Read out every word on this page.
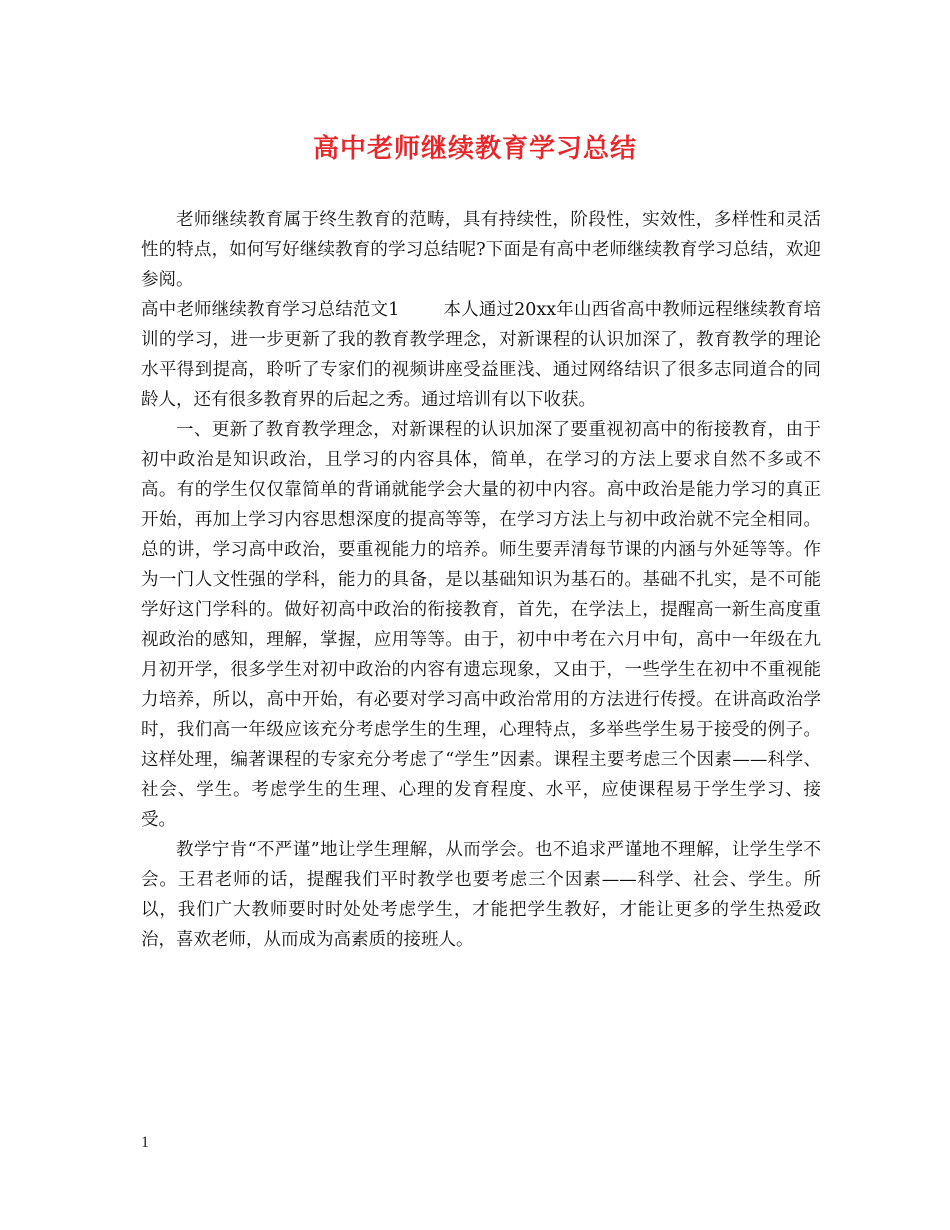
高中老师继续教育学习总结

老师继续教育属于终生教育的范畴，具有持续性，阶段性，实效性，多样性和灵活性的特点，如何写好继续教育的学习总结呢?下面是有高中老师继续教育学习总结，欢迎参阅。

高中老师继续教育学习总结范文1	本人通过20xx年山西省高中教师远程继续教育培训的学习，进一步更新了我的教育教学理念，对新课程的认识加深了，教育教学的理论水平得到提高，聆听了专家们的视频讲座受益匪浅、通过网络结识了很多志同道合的同龄人，还有很多教育界的后起之秀。通过培训有以下收获。

一、更新了教育教学理念，对新课程的认识加深了要重视初高中的衔接教育，由于初中政治是知识政治，且学习的内容具体，简单，在学习的方法上要求自然不多或不高。有的学生仅仅靠简单的背诵就能学会大量的初中内容。高中政治是能力学习的真正开始，再加上学习内容思想深度的提高等等，在学习方法上与初中政治就不完全相同。总的讲，学习高中政治，要重视能力的培养。师生要弄清每节课的内涵与外延等等。作为一门人文性强的学科，能力的具备，是以基础知识为基石的。基础不扎实，是不可能学好这门学科的。做好初高中政治的衔接教育，首先，在学法上，提醒高一新生高度重视政治的感知，理解，掌握，应用等等。由于，初中中考在六月中旬，高中一年级在九月初开学，很多学生对初中政治的内容有遗忘现象，又由于，一些学生在初中不重视能力培养，所以，高中开始，有必要对学习高中政治常用的方法进行传授。在讲高政治学时，我们高一年级应该充分考虑学生的生理，心理特点，多举些学生易于接受的例子。这样处理，编著课程的专家充分考虑了“学生”因素。课程主要考虑三个因素——科学、社会、学生。考虑学生的生理、心理的发育程度、水平，应使课程易于学生学习、接受。

教学宁肯“不严谨”地让学生理解，从而学会。也不追求严谨地不理解，让学生学不会。王君老师的话，提醒我们平时教学也要考虑三个因素——科学、社会、学生。所以，我们广大教师要时时处处考虑学生，才能把学生教好，才能让更多的学生热爱政治，喜欢老师，从而成为高素质的接班人。

1
